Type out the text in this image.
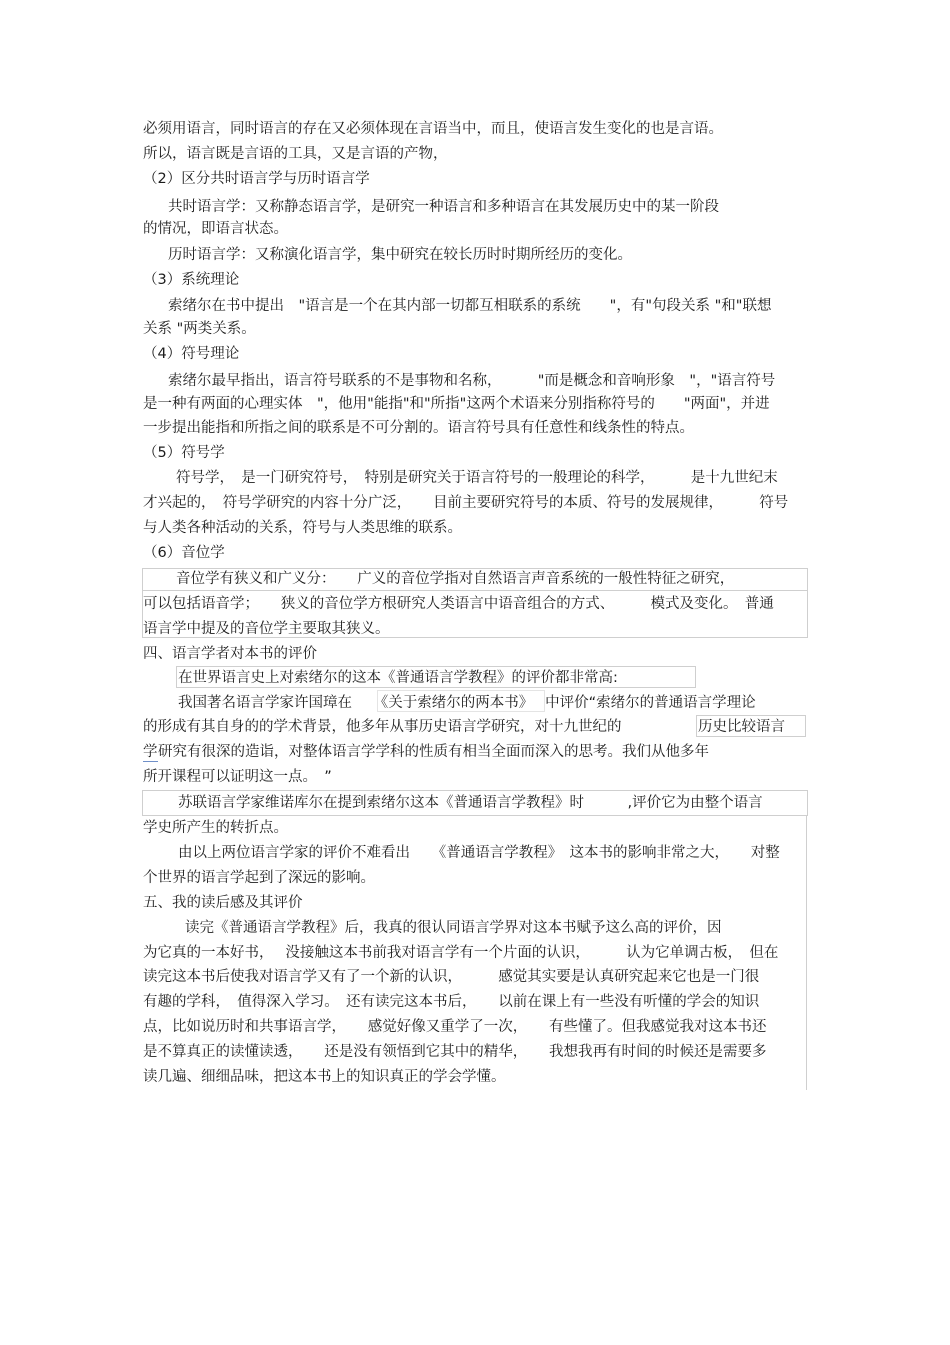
必须用语言，同时语言的存在又必须体现在言语当中，而且，使语言发生变化的也是言语。

所以，语言既是言语的工具，又是言语的产物，

（2）区分共时语言学与历时语言学

共时语言学：又称静态语言学，是研究一种语言和多种语言在其发展历史中的某一阶段

的情况，即语言状态。

历时语言学：又称演化语言学，集中研究在较长历时时期所经历的变化。

（3）系统理论

索绪尔在书中提出　"语言是一个在其内部一切都互相联系的系统　　"，有"句段关系 "和"联想

关系 "两类关系。

（4）符号理论

索绪尔最早指出，语言符号联系的不是事物和名称，　　　"而是概念和音响形象　"，"语言符号

是一种有两面的心理实体　"，他用"能指"和"所指"这两个术语来分别指称符号的　　"两面"，并进

一步提出能指和所指之间的联系是不可分割的。语言符号具有任意性和线条性的特点。

（5）符号学

符号学，　是一门研究符号，　特别是研究关于语言符号的一般理论的科学，　　　是十九世纪末

才兴起的，　符号学研究的内容十分广泛，　　目前主要研究符号的本质、符号的发展规律，　　　符号

与人类各种活动的关系，符号与人类思维的联系。

（6）音位学

音位学有狭义和广义分：　　广义的音位学指对自然语言声音系统的一般性特征之研究，

可以包括语音学；　　狭义的音位学方根研究人类语言中语音组合的方式、　　　模式及变化。　普通

语言学中提及的音位学主要取其狭义。

四、语言学者对本书的评价

在世界语言史上对索绪尔的这本《普通语言学教程》的评价都非常高:

我国著名语言学家许国璋在　　《关于索绪尔的两本书》　 中评价“索绪尔的普通语言学理论

的形成有其自身的的学术背景，他多年从事历史语言学研究，对十九世纪的　　　　 历史比较语言

学 研究有很深的造诣，对整体语言学学科的性质有相当全面而深入的思考。我们从他多年

所开课程可以证明这一点。　”

苏联语言学家维诺库尔在提到索绪尔这本《普通语言学教程》时　　　,评价它为由整个语言

学史所产生的转折点。

由以上两位语言学家的评价不难看出　　《普通语言学教程》　这本书的影响非常之大，　　对整

个世界的语言学起到了深远的影响。

五、我的读后感及其评价

读完《普通语言学教程》后，我真的很认同语言学界对这本书赋予这么高的评价，因

为它真的一本好书，　 没接触这本书前我对语言学有一个片面的认识，　　　认为它单调古板，　但在

读完这本书后使我对语言学又有了一个新的认识，　　　感觉其实要是认真研究起来它也是一门很

有趣的学科，　值得深入学习。　还有读完这本书后，　　以前在课上有一些没有听懂的学会的知识

点，比如说历时和共事语言学，　　感觉好像又重学了一次，　　有些懂了。但我感觉我对这本书还

是不算真正的读懂读透，　　还是没有领悟到它其中的精华，　　我想我再有时间的时候还是需要多

读几遍、细细品味，把这本书上的知识真正的学会学懂。
